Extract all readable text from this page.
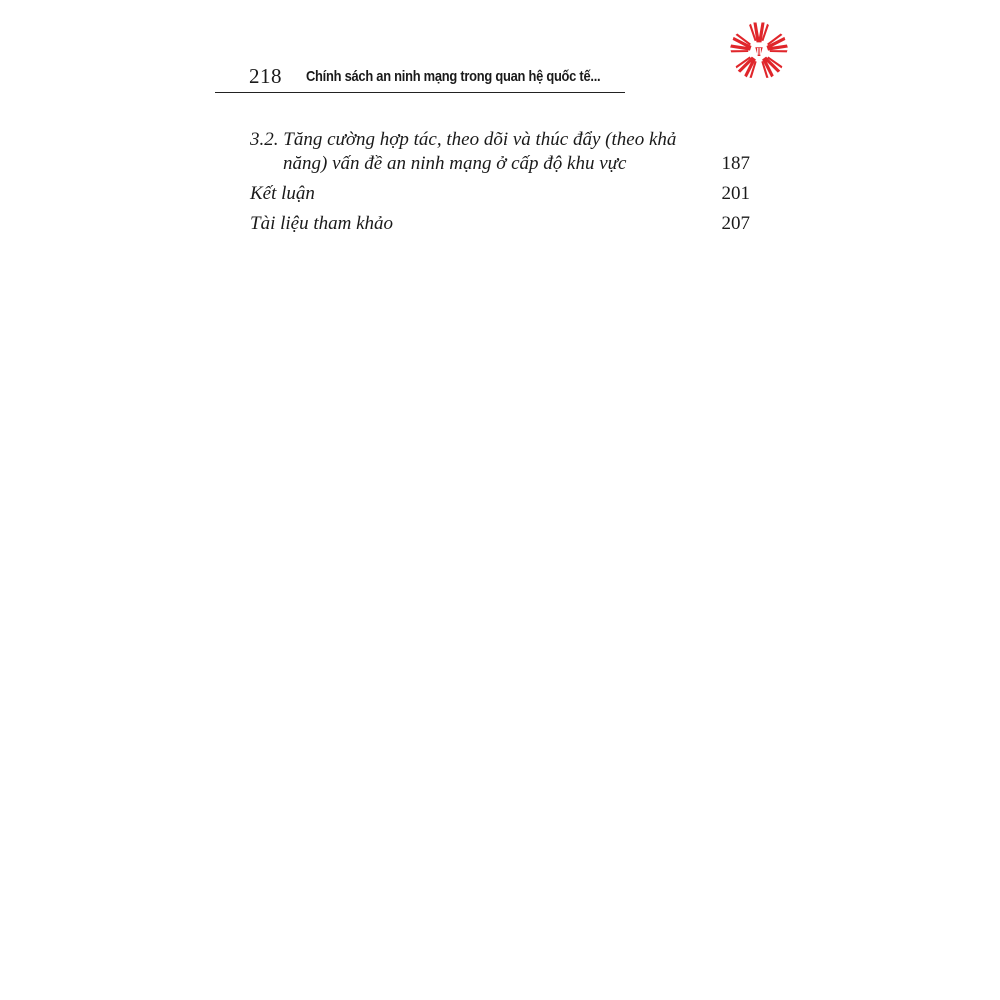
218 Chính sách an ninh mạng trong quan hệ quốc tế...
3.2. Tăng cường hợp tác, theo dõi và thúc đẩy (theo khả
năng) vấn đề an ninh mạng ở cấp độ khu vực	187
Kết luận	201
Tài liệu tham khảo	207
